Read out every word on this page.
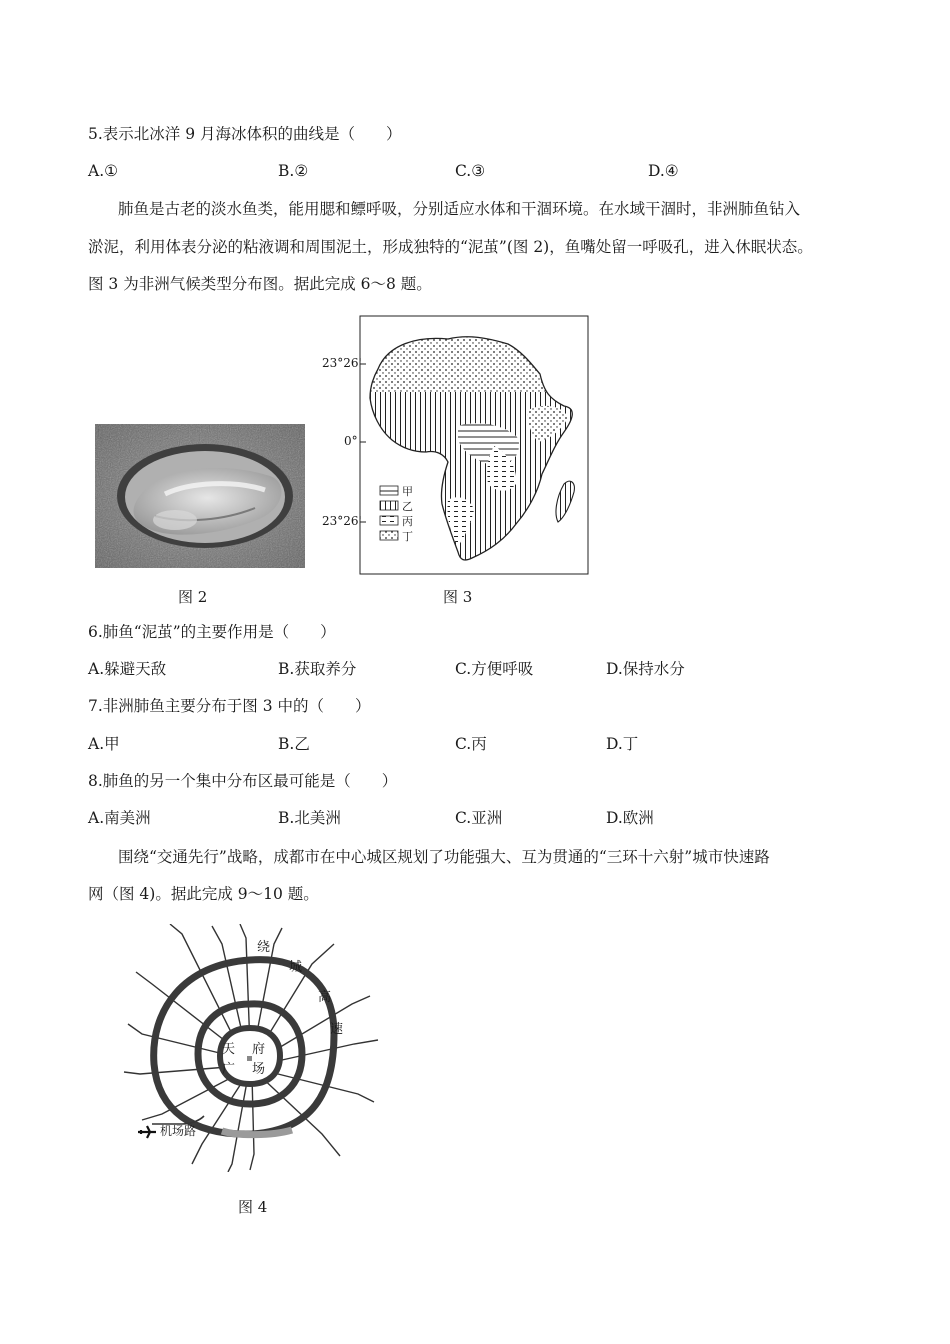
5.表示北冰洋 9 月海冰体积的曲线是（　　）
A.①	B.②	C.③	D.④
肺鱼是古老的淡水鱼类，能用腮和鳔呼吸，分别适应水体和干涸环境。在水域干涸时，非洲肺鱼钻入
淤泥，利用体表分泌的粘液调和周围泥土，形成独特的“泥茧”(图 2)，鱼嘴处留一呼吸孔，进入休眠状态。
图 3 为非洲气候类型分布图。据此完成 6～8 题。
图 2
23°26'
0°
23°26'
甲
乙
丙
丁
图 3
6.肺鱼“泥茧”的主要作用是（　　）
A.躲避天敌	B.获取养分	C.方便呼吸	D.保持水分
7.非洲肺鱼主要分布于图 3 中的（　　）
A.甲	B.乙	C.丙	D.丁
8.肺鱼的另一个集中分布区最可能是（　　）
A.南美洲	B.北美洲	C.亚洲	D.欧洲
围绕“交通先行”战略，成都市在中心城区规划了功能强大、互为贯通的“三环十六射”城市快速路
网（图 4)。据此完成 9～10 题。
绕
城
高
速
天 府
广 场
机场路
图 4
